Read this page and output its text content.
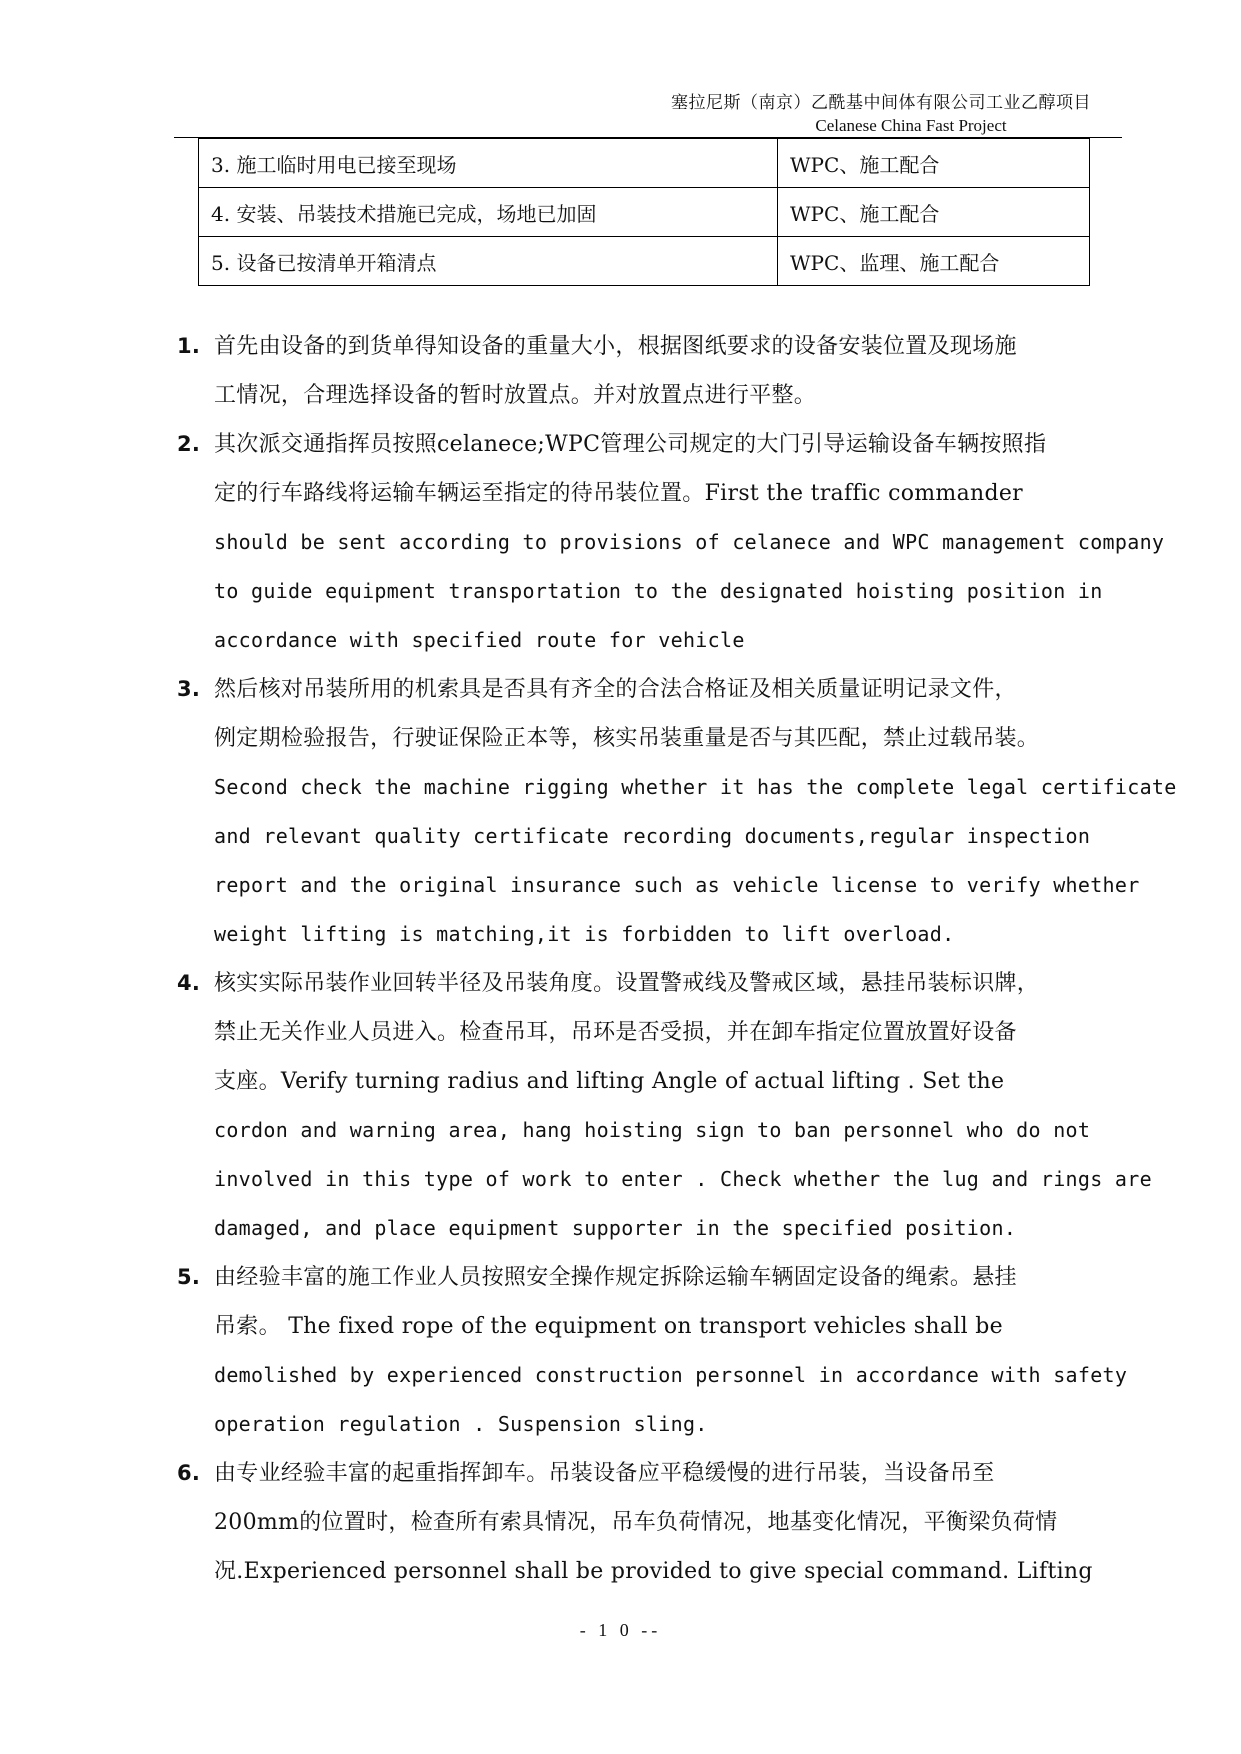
塞拉尼斯（南京）乙酰基中间体有限公司工业乙醇项目
Celanese China Fast Project
3. 施工临时用电已接至现场	WPC、施工配合
4. 安装、吊装技术措施已完成，场地已加固	WPC、施工配合
5. 设备已按清单开箱清点	WPC、监理、施工配合
1. 首先由设备的到货单得知设备的重量大小，根据图纸要求的设备安装位置及现场施
工情况，合理选择设备的暂时放置点。并对放置点进行平整。
2. 其次派交通指挥员按照celanece;WPC管理公司规定的大门引导运输设备车辆按照指
定的行车路线将运输车辆运至指定的待吊装位置。First the traffic commander
should be sent according to provisions of celanece and WPC management company
to guide equipment transportation to the designated hoisting position in
accordance with specified route for vehicle
3. 然后核对吊装所用的机索具是否具有齐全的合法合格证及相关质量证明记录文件，
例定期检验报告，行驶证保险正本等，核实吊装重量是否与其匹配，禁止过载吊装。
Second check the machine rigging whether it has the complete legal certificate
and relevant quality certificate recording documents,regular inspection
report and the original insurance such as vehicle license to verify whether
weight lifting is matching,it is forbidden to lift overload.
4. 核实实际吊装作业回转半径及吊装角度。设置警戒线及警戒区域，悬挂吊装标识牌，
禁止无关作业人员进入。检查吊耳，吊环是否受损，并在卸车指定位置放置好设备
支座。Verify turning radius and lifting Angle of actual lifting . Set the
cordon and warning area, hang hoisting sign to ban personnel who do not
involved in this type of work to enter . Check whether the lug and rings are
damaged, and place equipment supporter in the specified position.
5. 由经验丰富的施工作业人员按照安全操作规定拆除运输车辆固定设备的绳索。悬挂
吊索。 The fixed rope of the equipment on transport vehicles shall be
demolished by experienced construction personnel in accordance with safety
operation regulation . Suspension sling.
6. 由专业经验丰富的起重指挥卸车。吊装设备应平稳缓慢的进行吊装，当设备吊至
200mm的位置时，检查所有索具情况，吊车负荷情况，地基变化情况，平衡梁负荷情
况.Experienced personnel shall be provided to give special command. Lifting
- 1 0 --
